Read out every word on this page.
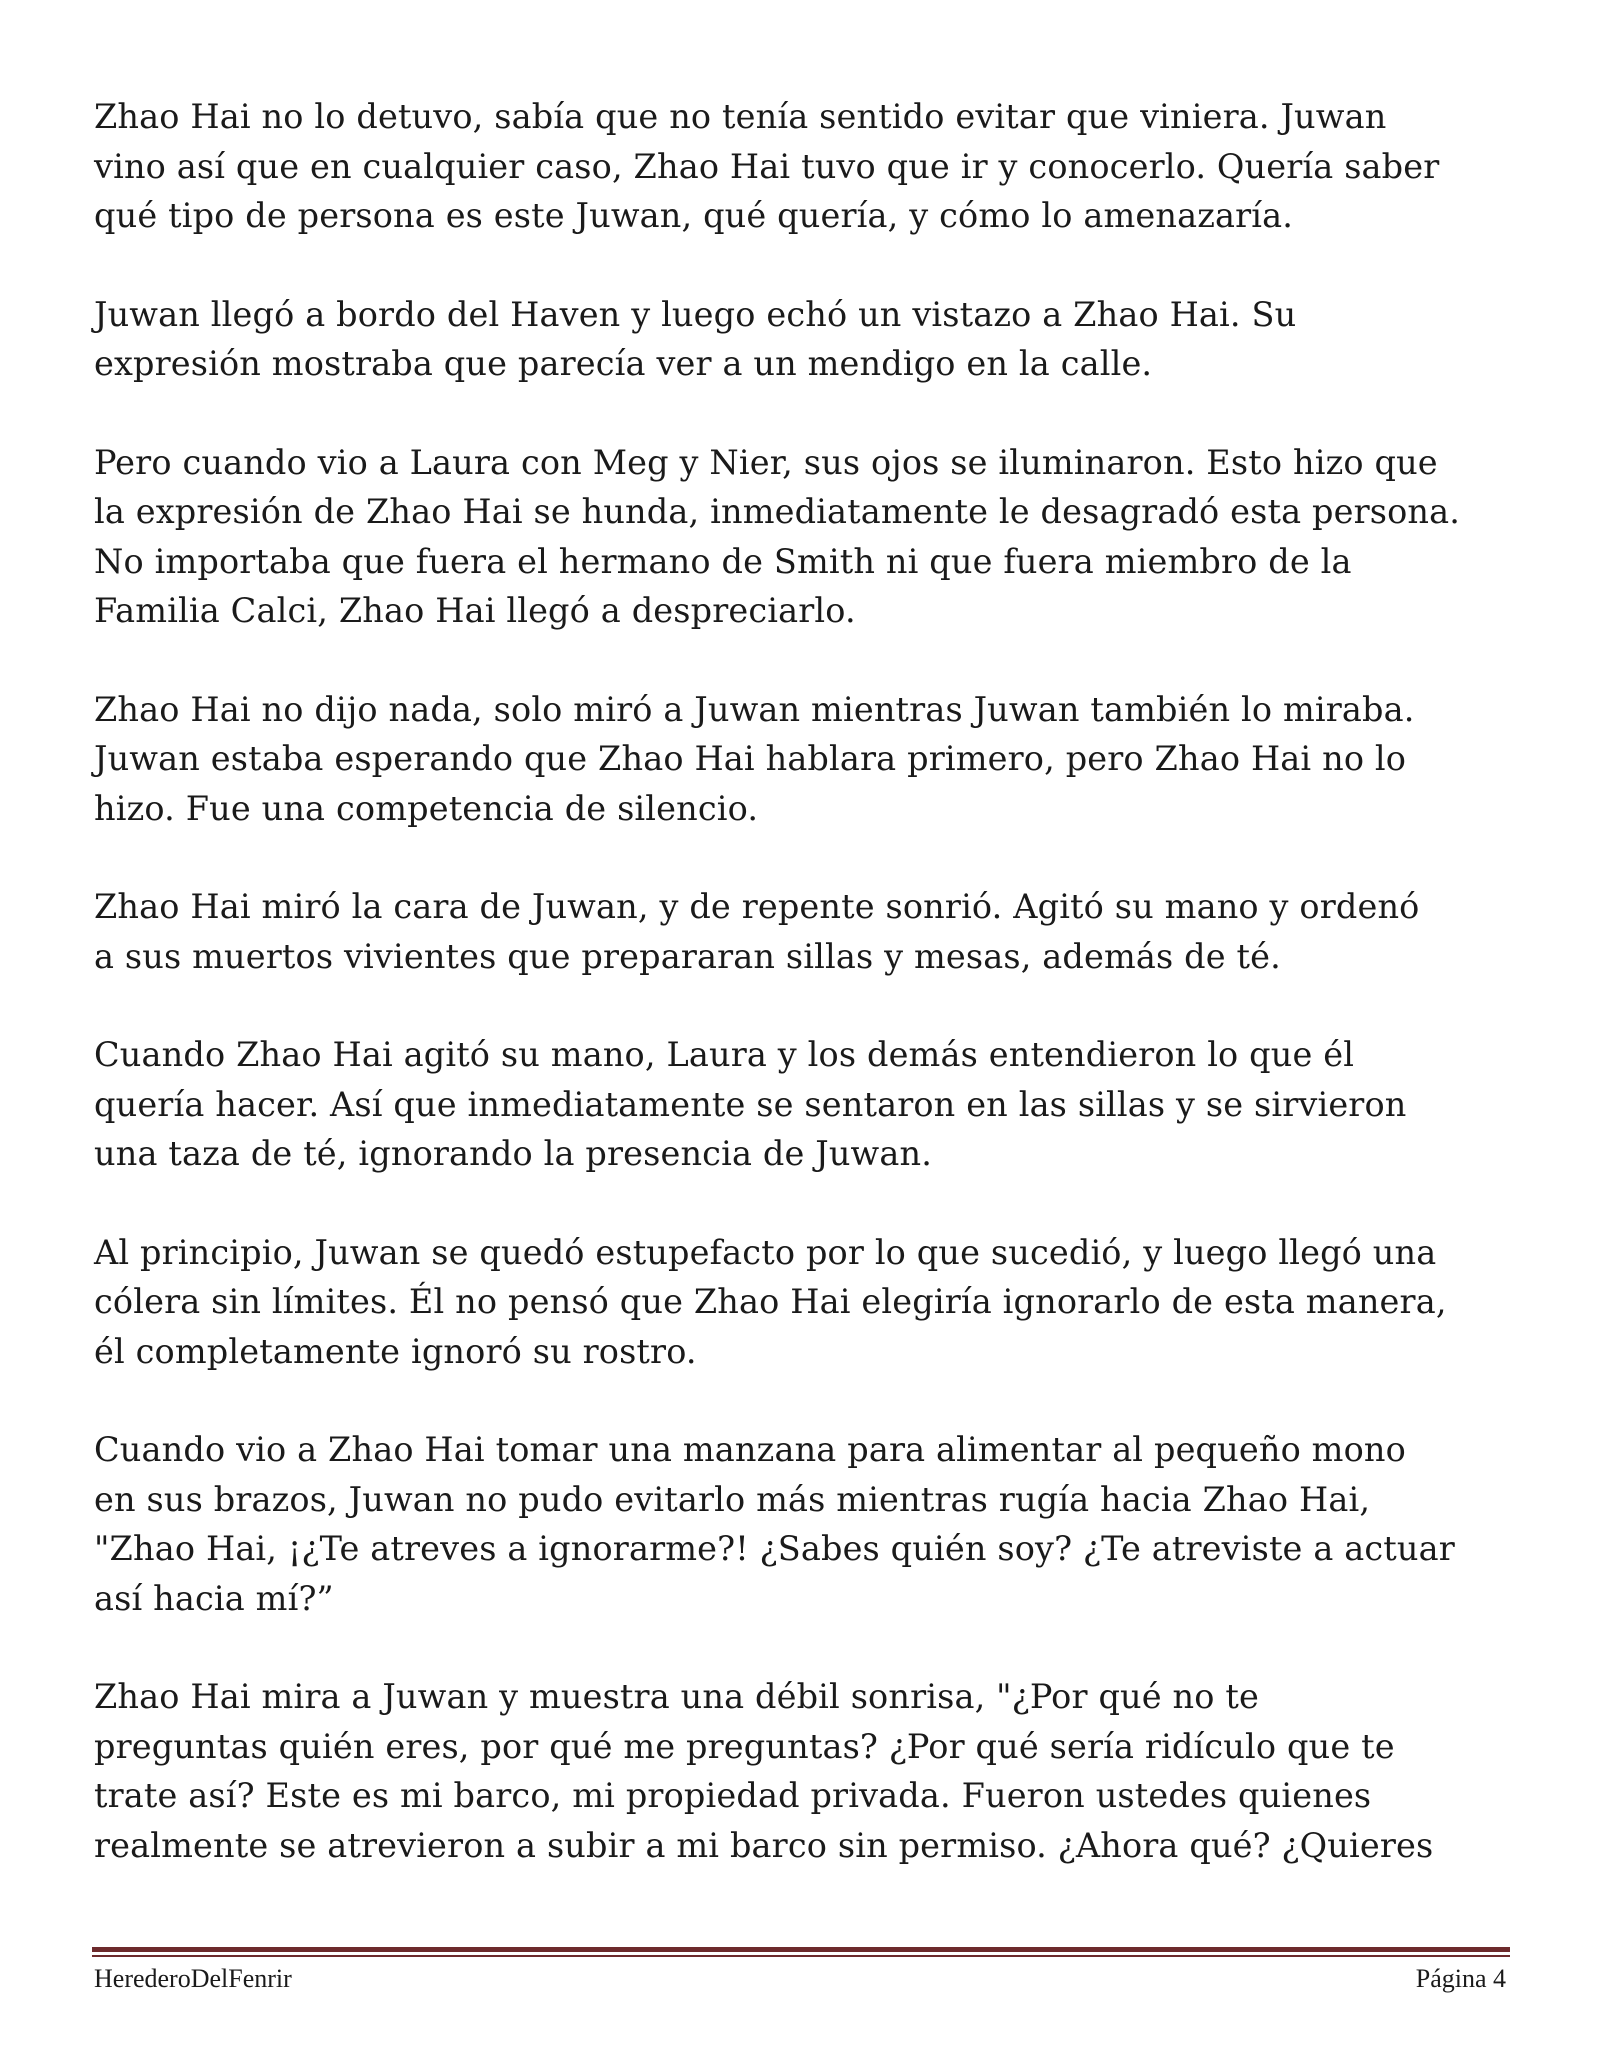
Zhao Hai no lo detuvo, sabía que no tenía sentido evitar que viniera. Juwan
vino así que en cualquier caso, Zhao Hai tuvo que ir y conocerlo. Quería saber
qué tipo de persona es este Juwan, qué quería, y cómo lo amenazaría.

Juwan llegó a bordo del Haven y luego echó un vistazo a Zhao Hai. Su
expresión mostraba que parecía ver a un mendigo en la calle.

Pero cuando vio a Laura con Meg y Nier, sus ojos se iluminaron. Esto hizo que
la expresión de Zhao Hai se hunda, inmediatamente le desagradó esta persona.
No importaba que fuera el hermano de Smith ni que fuera miembro de la
Familia Calci, Zhao Hai llegó a despreciarlo.

Zhao Hai no dijo nada, solo miró a Juwan mientras Juwan también lo miraba.
Juwan estaba esperando que Zhao Hai hablara primero, pero Zhao Hai no lo
hizo. Fue una competencia de silencio.

Zhao Hai miró la cara de Juwan, y de repente sonrió. Agitó su mano y ordenó
a sus muertos vivientes que prepararan sillas y mesas, además de té.

Cuando Zhao Hai agitó su mano, Laura y los demás entendieron lo que él
quería hacer. Así que inmediatamente se sentaron en las sillas y se sirvieron
una taza de té, ignorando la presencia de Juwan.

Al principio, Juwan se quedó estupefacto por lo que sucedió, y luego llegó una
cólera sin límites. Él no pensó que Zhao Hai elegiría ignorarlo de esta manera,
él completamente ignoró su rostro.

Cuando vio a Zhao Hai tomar una manzana para alimentar al pequeño mono
en sus brazos, Juwan no pudo evitarlo más mientras rugía hacia Zhao Hai,
"Zhao Hai, ¡¿Te atreves a ignorarme?! ¿Sabes quién soy? ¿Te atreviste a actuar
así hacia mí?”

Zhao Hai mira a Juwan y muestra una débil sonrisa, "¿Por qué no te
preguntas quién eres, por qué me preguntas? ¿Por qué sería ridículo que te
trate así? Este es mi barco, mi propiedad privada. Fueron ustedes quienes
realmente se atrevieron a subir a mi barco sin permiso. ¿Ahora qué? ¿Quieres

HerederoDelFenrir	Página 4
